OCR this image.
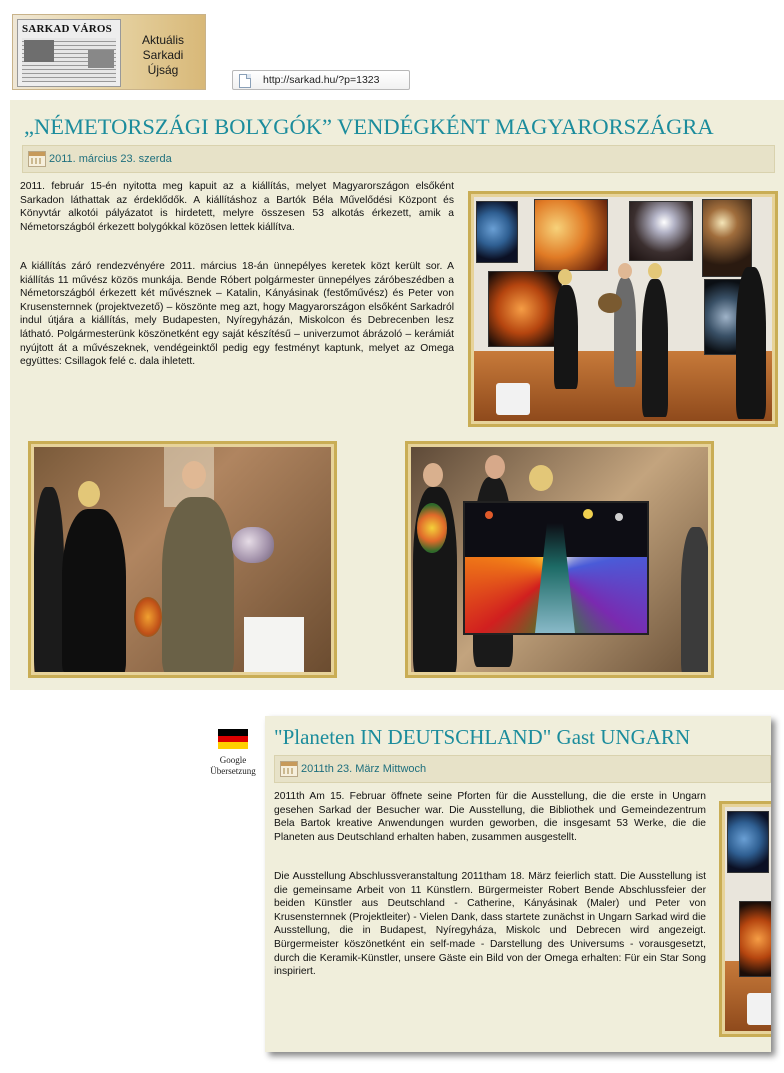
SARKAD VÁROS
Aktuális
Sarkadi
Újság
http://sarkad.hu/?p=1323
„NÉMETORSZÁGI BOLYGÓK” VENDÉGKÉNT MAGYARORSZÁGRA
2011. március 23. szerda

2011. február 15-én nyitotta meg kapuit az a kiállítás, melyet Magyarországon elsőként Sarkadon láthattak az érdeklődők. A kiállításhoz a Bartók Béla Művelődési Központ és Könyvtár alkotói pályázatot is hirdetett, melyre összesen 53 alkotás érkezett, amik a Németországból érkezett bolygókkal közösen lettek kiállítva.

A kiállítás záró rendezvényére 2011. március 18-án ünnepélyes keretek közt került sor. A kiállítás 11 művész közös munkája. Bende Róbert polgármester ünnepélyes záróbeszédben a Németországból érkezett két művésznek – Katalin, Kányásinak (festőművész) és Peter von Krusensternnek (projektvezető) – köszönte meg azt, hogy Magyarországon elsőként Sarkadról indul útjára a kiállítás, mely Budapesten, Nyíregyházán, Miskolcon és Debrecenben lesz látható. Polgármesterünk köszönetként egy saját készítésű – univerzumot ábrázoló – kerámiát nyújtott át a művészeknek, vendégeinktől pedig egy festményt kaptunk, melyet az Omega együttes: Csillagok felé c. dala ihletett.

Google
Übersetzung
"Planeten IN DEUTSCHLAND" Gast UNGARN
2011th 23. März Mittwoch

2011th Am 15. Februar öffnete seine Pforten für die Ausstellung, die die erste in Ungarn gesehen Sarkad der Besucher war. Die Ausstellung, die Bibliothek und Gemeindezentrum Bela Bartok kreative Anwendungen wurden geworben, die insgesamt 53 Werke, die die Planeten aus Deutschland erhalten haben, zusammen ausgestellt.

Die Ausstellung Abschlussveranstaltung 2011tham 18. März feierlich statt. Die Ausstellung ist die gemeinsame Arbeit von 11 Künstlern. Bürgermeister Robert Bende Abschlussfeier der beiden Künstler aus Deutschland - Catherine, Kányásinak (Maler) und Peter von Krusensternnek (Projektleiter) - Vielen Dank, dass startete zunächst in Ungarn Sarkad wird die Ausstellung, die in Budapest, Nyíregyháza, Miskolc und Debrecen wird angezeigt. Bürgermeister köszönetként ein self-made - Darstellung des Universums - vorausgesetzt, durch die Keramik-Künstler, unsere Gäste ein Bild von der Omega erhalten: Für ein Star Song inspiriert.
